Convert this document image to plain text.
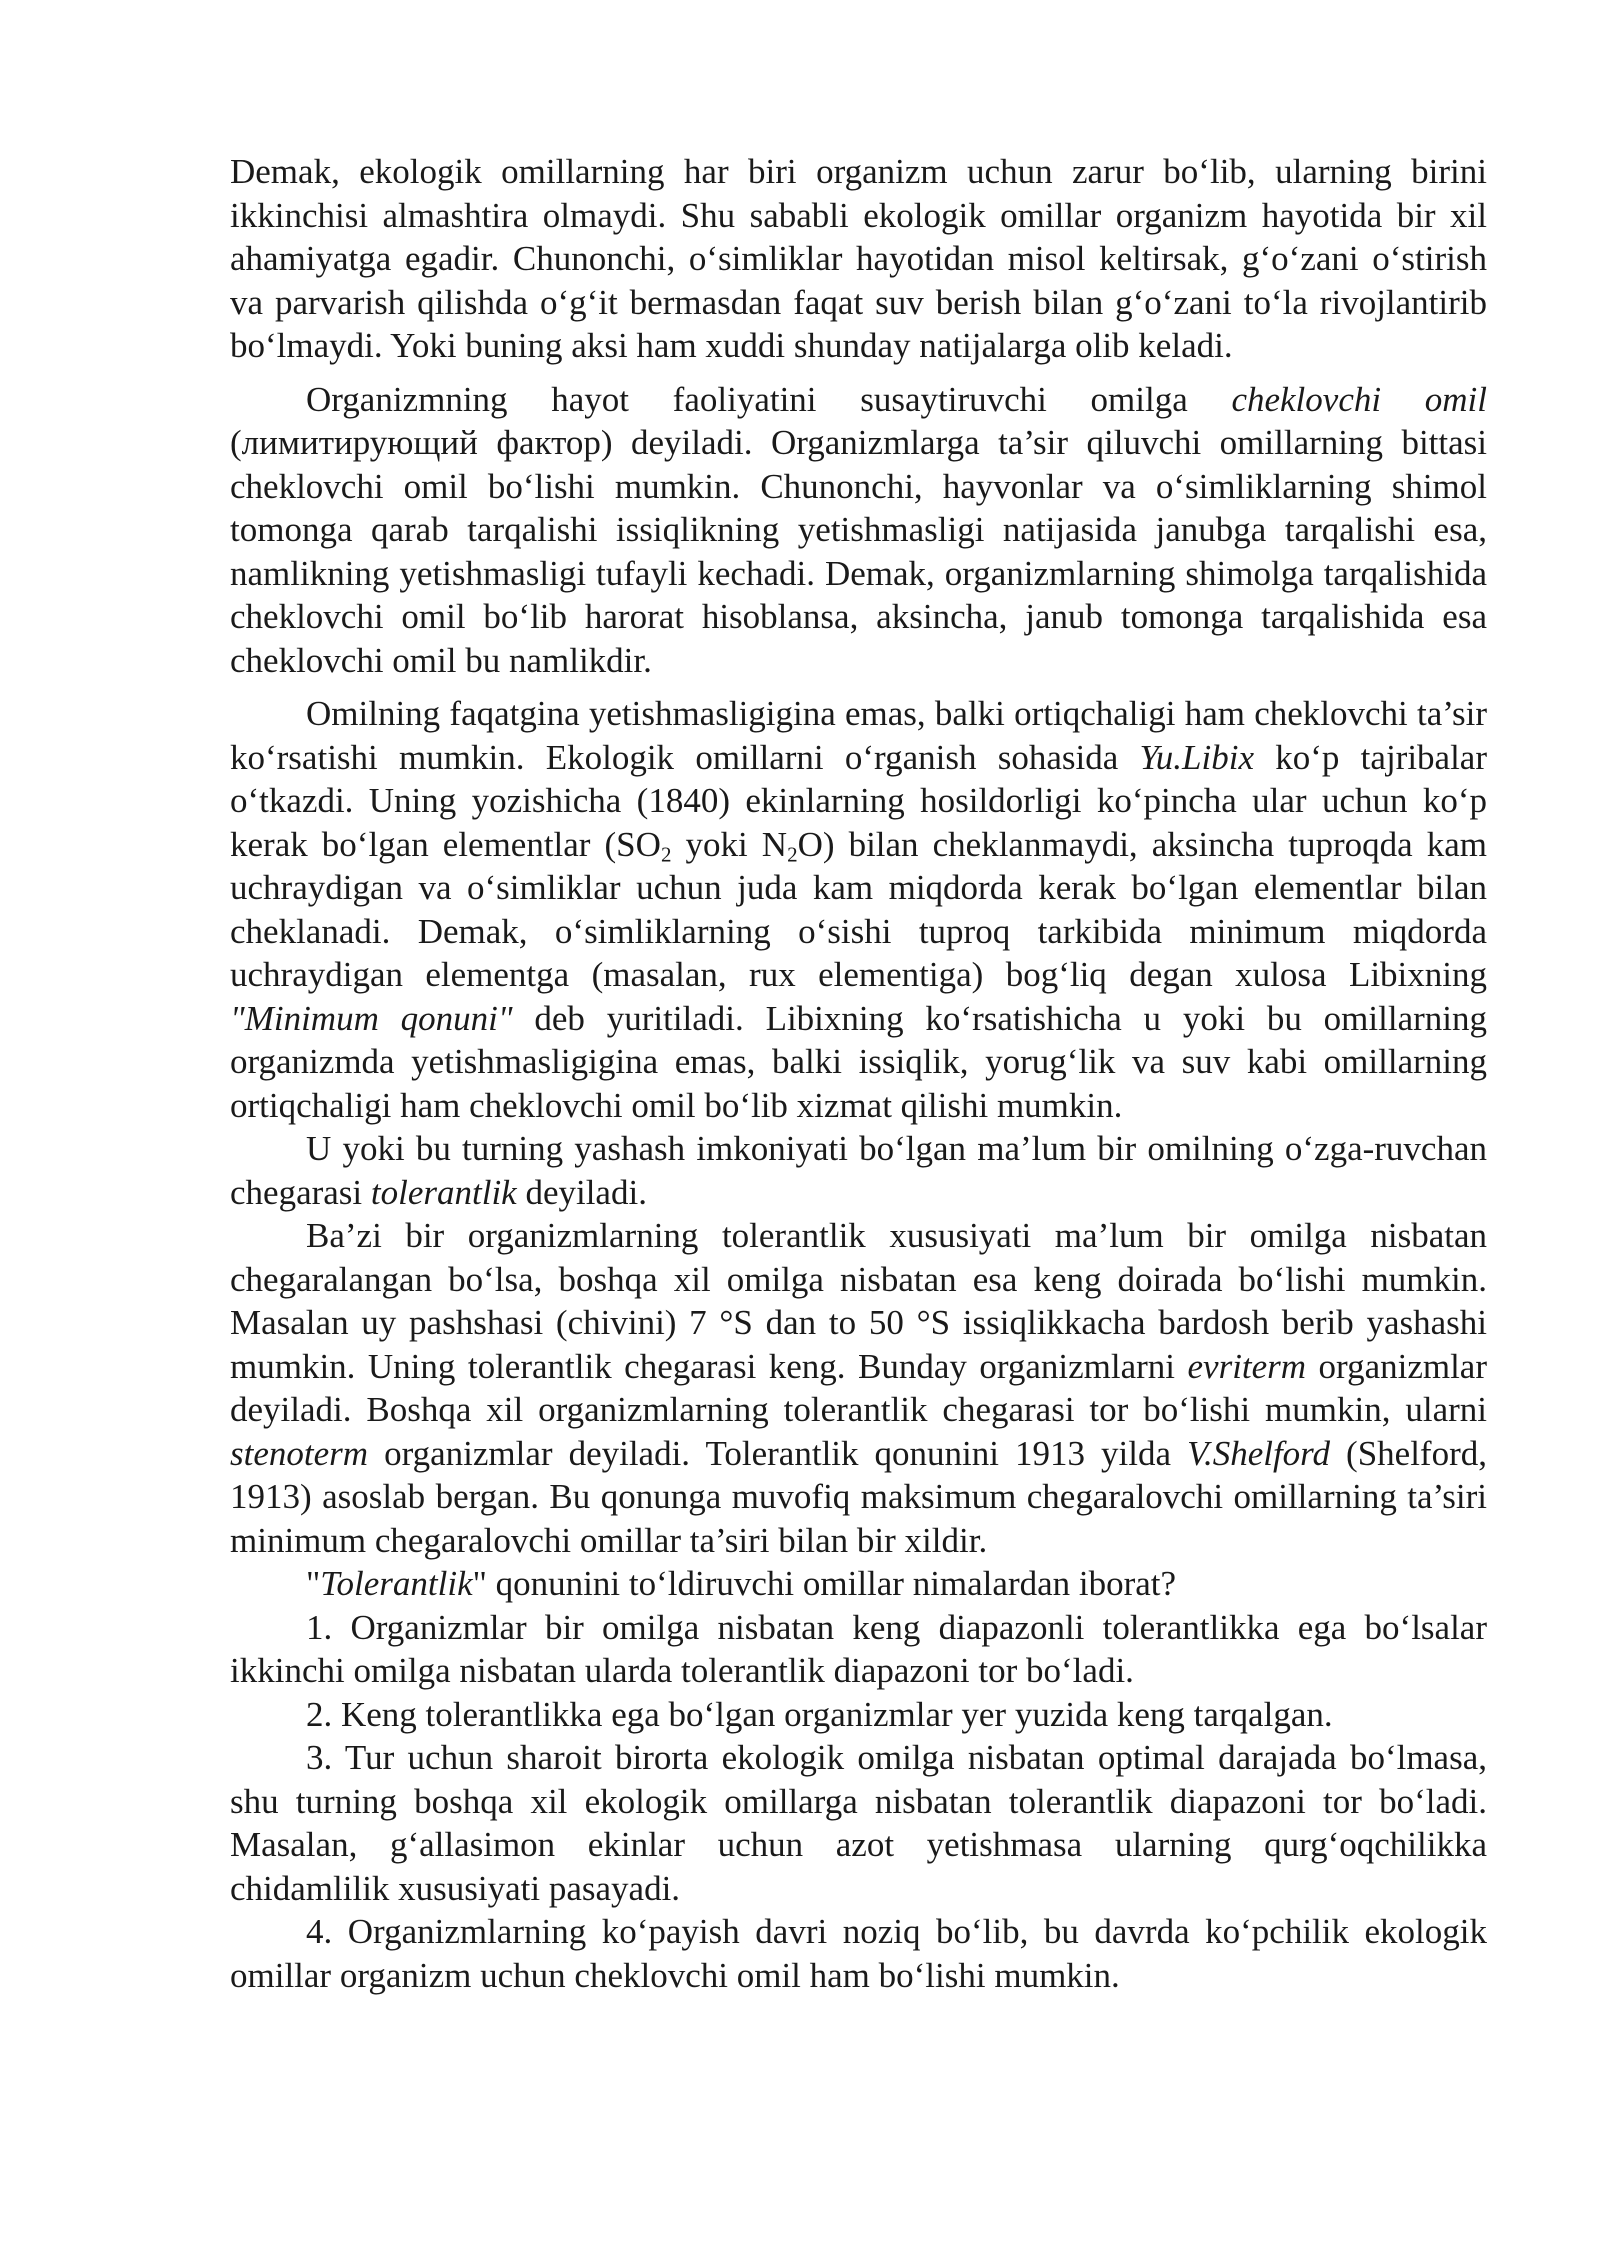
Demak, ekologik omillarning har biri organizm uchun zarur bo‘lib, ularning birini ikkinchisi almashtira olmaydi. Shu sababli ekologik omillar organizm hayotida bir xil ahamiyatga egadir. Chunonchi, o‘simliklar hayotidan misol keltirsak, g‘o‘zani o‘stirish va parvarish qilishda o‘g‘it bermasdan faqat suv berish bilan g‘o‘zani to‘la rivojlantirib bo‘lmaydi. Yoki buning aksi ham xuddi shunday natijalarga olib keladi.

Organizmning hayot faoliyatini susaytiruvchi omilga cheklovchi omil (лимитирующий фактор) deyiladi. Organizmlarga ta’sir qiluvchi omillarning bittasi cheklovchi omil bo‘lishi mumkin. Chunonchi, hayvonlar va o‘simliklarning shimol tomonga qarab tarqalishi issiqlikning yetishmasligi natijasida janubga tarqalishi esa, namlikning yetishmasligi tufayli kechadi. Demak, organizmlarning shimolga tarqalishida cheklovchi omil bo‘lib harorat hisoblansa, aksincha, janub tomonga tarqalishida esa cheklovchi omil bu namlikdir.

Omilning faqatgina yetishmasligigina emas, balki ortiqchaligi ham cheklovchi ta’sir ko‘rsatishi mumkin. Ekologik omillarni o‘rganish sohasida Yu.Libix ko‘p tajribalar o‘tkazdi. Uning yozishicha (1840) ekinlarning hosildorligi ko‘pincha ular uchun ko‘p kerak bo‘lgan elementlar ($SO_2$ yoki $N_2O$) bilan cheklanmaydi, aksincha tuproqda kam uchraydigan va o‘simliklar uchun juda kam miqdorda kerak bo‘lgan elementlar bilan cheklanadi. Demak, o‘simliklarning o‘sishi tuproq tarkibida minimum miqdorda uchraydigan elementga (masalan, rux elementiga) bog‘liq degan xulosa Libixning "Minimum qonuni" deb yuritiladi. Libixning ko‘rsatishicha u yoki bu omillarning organizmda yetishmasligigina emas, balki issiqlik, yorug‘lik va suv kabi omillarning ortiqchaligi ham cheklovchi omil bo‘lib xizmat qilishi mumkin.

U yoki bu turning yashash imkoniyati bo‘lgan ma’lum bir omilning o‘zga-ruvchan chegarasi tolerantlik deyiladi.

Ba’zi bir organizmlarning tolerantlik xususiyati ma’lum bir omilga nisbatan chegaralangan bo‘lsa, boshqa xil omilga nisbatan esa keng doirada bo‘lishi mumkin. Masalan uy pashshasi (chivini) 7 °S dan to 50 °S issiqlikkacha bardosh berib yashashi mumkin. Uning tolerantlik chegarasi keng. Bunday organizmlarni evriterm organizmlar deyiladi. Boshqa xil organizmlarning tolerantlik chegarasi tor bo‘lishi mumkin, ularni stenoterm organizmlar deyiladi. Tolerantlik qonunini 1913 yilda V.Shelford (Shelford, 1913) asoslab bergan. Bu qonunga muvofiq maksimum chegaralovchi omillarning ta’siri minimum chegaralovchi omillar ta’siri bilan bir xildir.

"Tolerantlik" qonunini to‘ldiruvchi omillar nimalardan iborat?

1. Organizmlar bir omilga nisbatan keng diapazonli tolerantlikka ega bo‘lsalar ikkinchi omilga nisbatan ularda tolerantlik diapazoni tor bo‘ladi.

2. Keng tolerantlikka ega bo‘lgan organizmlar yer yuzida keng tarqalgan.

3. Tur uchun sharoit birorta ekologik omilga nisbatan optimal darajada bo‘lmasa, shu turning boshqa xil ekologik omillarga nisbatan tolerantlik diapazoni tor bo‘ladi. Masalan, g‘allasimon ekinlar uchun azot yetishmasa ularning qurg‘oqchilikka chidamlilik xususiyati pasayadi.

4. Organizmlarning ko‘payish davri noziq bo‘lib, bu davrda ko‘pchilik ekologik omillar organizm uchun cheklovchi omil ham bo‘lishi mumkin.
